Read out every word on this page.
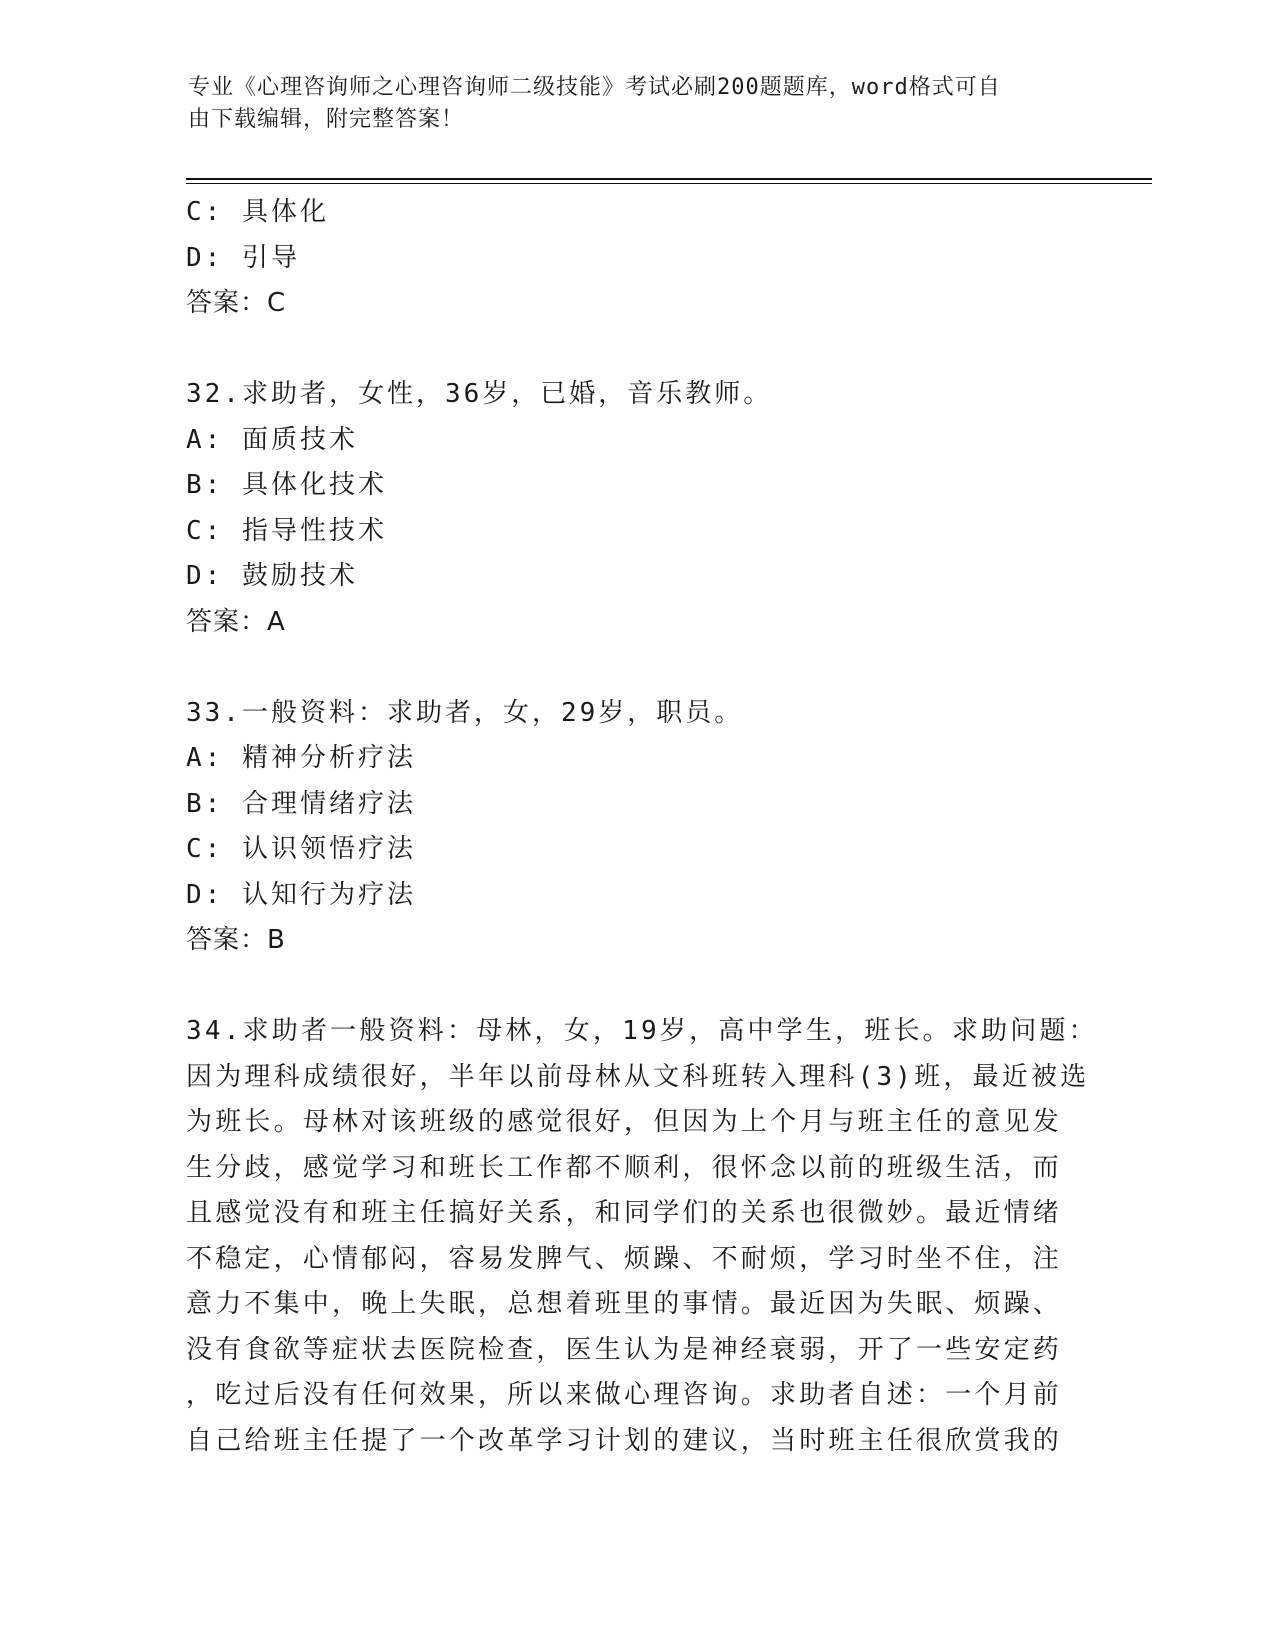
专业《心理咨询师之心理咨询师二级技能》考试必刷200题题库，word格式可自
由下载编辑，附完整答案！
C: 具体化
D: 引导
答案：C
32.求助者，女性，36岁，已婚，音乐教师。
A: 面质技术
B: 具体化技术
C: 指导性技术
D: 鼓励技术
答案：A
33.一般资料：求助者，女，29岁，职员。
A: 精神分析疗法
B: 合理情绪疗法
C: 认识领悟疗法
D: 认知行为疗法
答案：B
34.求助者一般资料：母林，女，19岁，高中学生，班长。求助问题：
因为理科成绩很好，半年以前母林从文科班转入理科(3)班，最近被选
为班长。母林对该班级的感觉很好，但因为上个月与班主任的意见发
生分歧，感觉学习和班长工作都不顺利，很怀念以前的班级生活，而
且感觉没有和班主任搞好关系，和同学们的关系也很微妙。最近情绪
不稳定，心情郁闷，容易发脾气、烦躁、不耐烦，学习时坐不住，注
意力不集中，晚上失眠，总想着班里的事情。最近因为失眠、烦躁、
没有食欲等症状去医院检查，医生认为是神经衰弱，开了一些安定药
，吃过后没有任何效果，所以来做心理咨询。求助者自述：一个月前
自己给班主任提了一个改革学习计划的建议，当时班主任很欣赏我的
